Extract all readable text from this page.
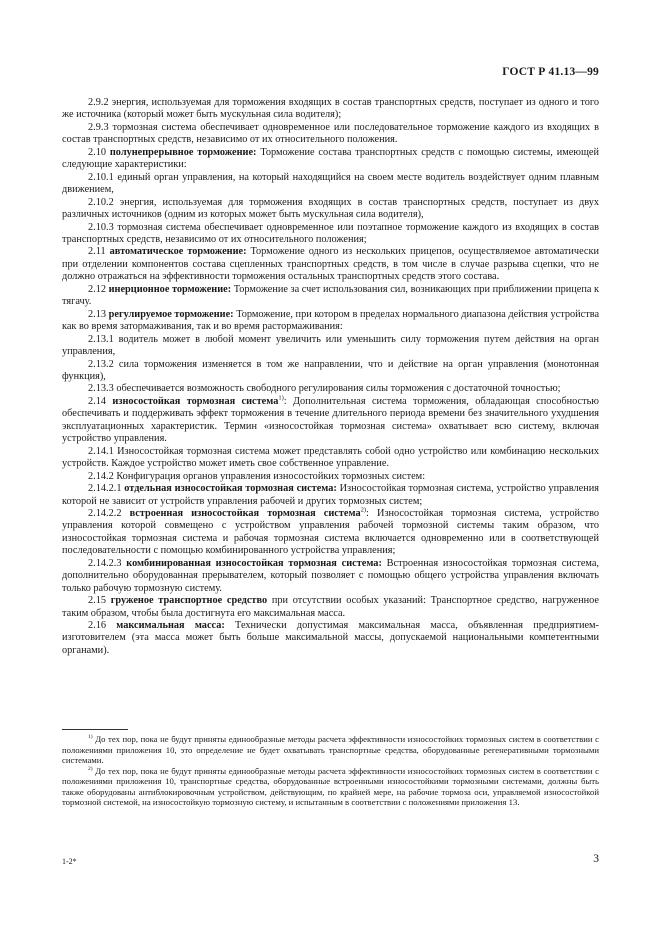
ГОСТ Р 41.13—99

2.9.2 энергия, используемая для торможения входящих в состав транспортных средств, поступает из одного и того же источника (который может быть мускульная сила водителя);

2.9.3 тормозная система обеспечивает одновременное или последовательное торможение каждого из входящих в состав транспортных средств, независимо от их относительного положения.

2.10 полунепрерывное торможение: Торможение состава транспортных средств с помощью системы, имеющей следующие характеристики:

2.10.1 единый орган управления, на который находящийся на своем месте водитель воздействует одним плавным движением,

2.10.2 энергия, используемая для торможения входящих в состав транспортных средств, поступает из двух различных источников (одним из которых может быть мускульная сила водителя),

2.10.3 тормозная система обеспечивает одновременное или поэтапное торможение каждого из входящих в состав транспортных средств, независимо от их относительного положения;

2.11 автоматическое торможение: Торможение одного из нескольких прицепов, осуществляемое автоматически при отделении компонентов состава сцепленных транспортных средств, в том числе в случае разрыва сцепки, что не должно отражаться на эффективности торможения остальных транспортных средств этого состава.

2.12 инерционное торможение: Торможение за счет использования сил, возникающих при приближении прицепа к тягачу.

2.13 регулируемое торможение: Торможение, при котором в пределах нормального диапазона действия устройства как во время затормаживания, так и во время растормаживания:

2.13.1 водитель может в любой момент увеличить или уменьшить силу торможения путем действия на орган управления,

2.13.2 сила торможения изменяется в том же направлении, что и действие на орган управления (монотонная функция),

2.13.3 обеспечивается возможность свободного регулирования силы торможения с достаточной точностью;

2.14 износостойкая тормозная система$^{1)}$: Дополнительная система торможения, обладающая способностью обеспечивать и поддерживать эффект торможения в течение длительного периода времени без значительного ухудшения эксплуатационных характеристик. Термин «износостойкая тормозная система» охватывает всю систему, включая устройство управления.

2.14.1 Износостойкая тормозная система может представлять собой одно устройство или комбинацию нескольких устройств. Каждое устройство может иметь свое собственное управление.

2.14.2 Конфигурация органов управления износостойких тормозных систем:

2.14.2.1 отдельная износостойкая тормозная система: Износостойкая тормозная система, устройство управления которой не зависит от устройств управления рабочей и других тормозных систем;

2.14.2.2 встроенная износостойкая тормозная система$^{2)}$: Износостойкая тормозная система, устройство управления которой совмещено с устройством управления рабочей тормозной системы таким образом, что износостойкая тормозная система и рабочая тормозная система включается одновременно или в соответствующей последовательности с помощью комбинированного устройства управления;

2.14.2.3 комбинированная износостойкая тормозная система: Встроенная износостойкая тормозная система, дополнительно оборудованная прерывателем, который позволяет с помощью общего устройства управления включать только рабочую тормозную систему.

2.15 груженое транспортное средство при отсутствии особых указаний: Транспортное средство, нагруженное таким образом, чтобы была достигнута его максимальная масса.

2.16 максимальная масса: Технически допустимая максимальная масса, объявленная предприятием-изготовителем (эта масса может быть больше максимальной массы, допускаемой национальными компетентными органами).

$^{1)}$ До тех пор, пока не будут приняты единообразные методы расчета эффективности износостойких тормозных систем в соответствии с положениями приложения 10, это определение не будет охватывать транспортные средства, оборудованные регенеративными тормозными системами.

$^{2)}$ До тех пор, пока не будут приняты единообразные методы расчета эффективности износостойких тормозных систем в соответствии с положениями приложения 10, транспортные средства, оборудованные встроенными износостойкими тормозными системами, должны быть также оборудованы антиблокировочным устройством, действующим, по крайней мере, на рабочие тормоза оси, управляемой износостойкой тормозной системой, на износостойкую тормозную систему, и испытанным в соответствии с положениями приложения 13.

1-2*	3
